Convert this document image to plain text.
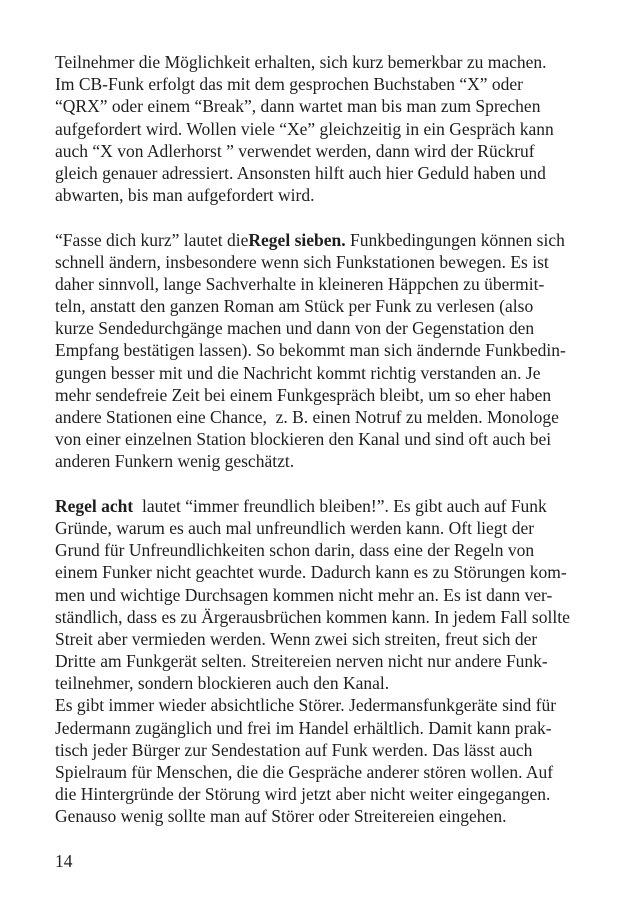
Teilnehmer die Möglichkeit erhalten, sich kurz bemerkbar zu machen.
Im CB-Funk erfolgt das mit dem gesprochen Buchstaben “X” oder
“QRX” oder einem “Break”, dann wartet man bis man zum Sprechen
aufgefordert wird. Wollen viele “Xe” gleichzeitig in ein Gespräch kann
auch “X von Adlerhorst ” verwendet werden, dann wird der Rückruf
gleich genauer adressiert. Ansonsten hilft auch hier Geduld haben und
abwarten, bis man aufgefordert wird.
“Fasse dich kurz” lautet dieRegel sieben. Funkbedingungen können sich
schnell ändern, insbesondere wenn sich Funkstationen bewegen. Es ist
daher sinnvoll, lange Sachverhalte in kleineren Häppchen zu übermit-
teln, anstatt den ganzen Roman am Stück per Funk zu verlesen (also
kurze Sendedurchgänge machen und dann von der Gegenstation den
Empfang bestätigen lassen). So bekommt man sich ändernde Funkbedin-
gungen besser mit und die Nachricht kommt richtig verstanden an. Je
mehr sendefreie Zeit bei einem Funkgespräch bleibt, um so eher haben
andere Stationen eine Chance,  z. B. einen Notruf zu melden. Monologe
von einer einzelnen Station blockieren den Kanal und sind oft auch bei
anderen Funkern wenig geschätzt.
Regel acht  lautet “immer freundlich bleiben!”. Es gibt auch auf Funk
Gründe, warum es auch mal unfreundlich werden kann. Oft liegt der
Grund für Unfreundlichkeiten schon darin, dass eine der Regeln von
einem Funker nicht geachtet wurde. Dadurch kann es zu Störungen kom-
men und wichtige Durchsagen kommen nicht mehr an. Es ist dann ver-
ständlich, dass es zu Ärgerausbrüchen kommen kann. In jedem Fall sollte
Streit aber vermieden werden. Wenn zwei sich streiten, freut sich der
Dritte am Funkgerät selten. Streitereien nerven nicht nur andere Funk-
teilnehmer, sondern blockieren auch den Kanal.
Es gibt immer wieder absichtliche Störer. Jedermansfunkgeräte sind für
Jedermann zugänglich und frei im Handel erhältlich. Damit kann prak-
tisch jeder Bürger zur Sendestation auf Funk werden. Das lässt auch
Spielraum für Menschen, die die Gespräche anderer stören wollen. Auf
die Hintergründe der Störung wird jetzt aber nicht weiter eingegangen.
Genauso wenig sollte man auf Störer oder Streitereien eingehen.
14
